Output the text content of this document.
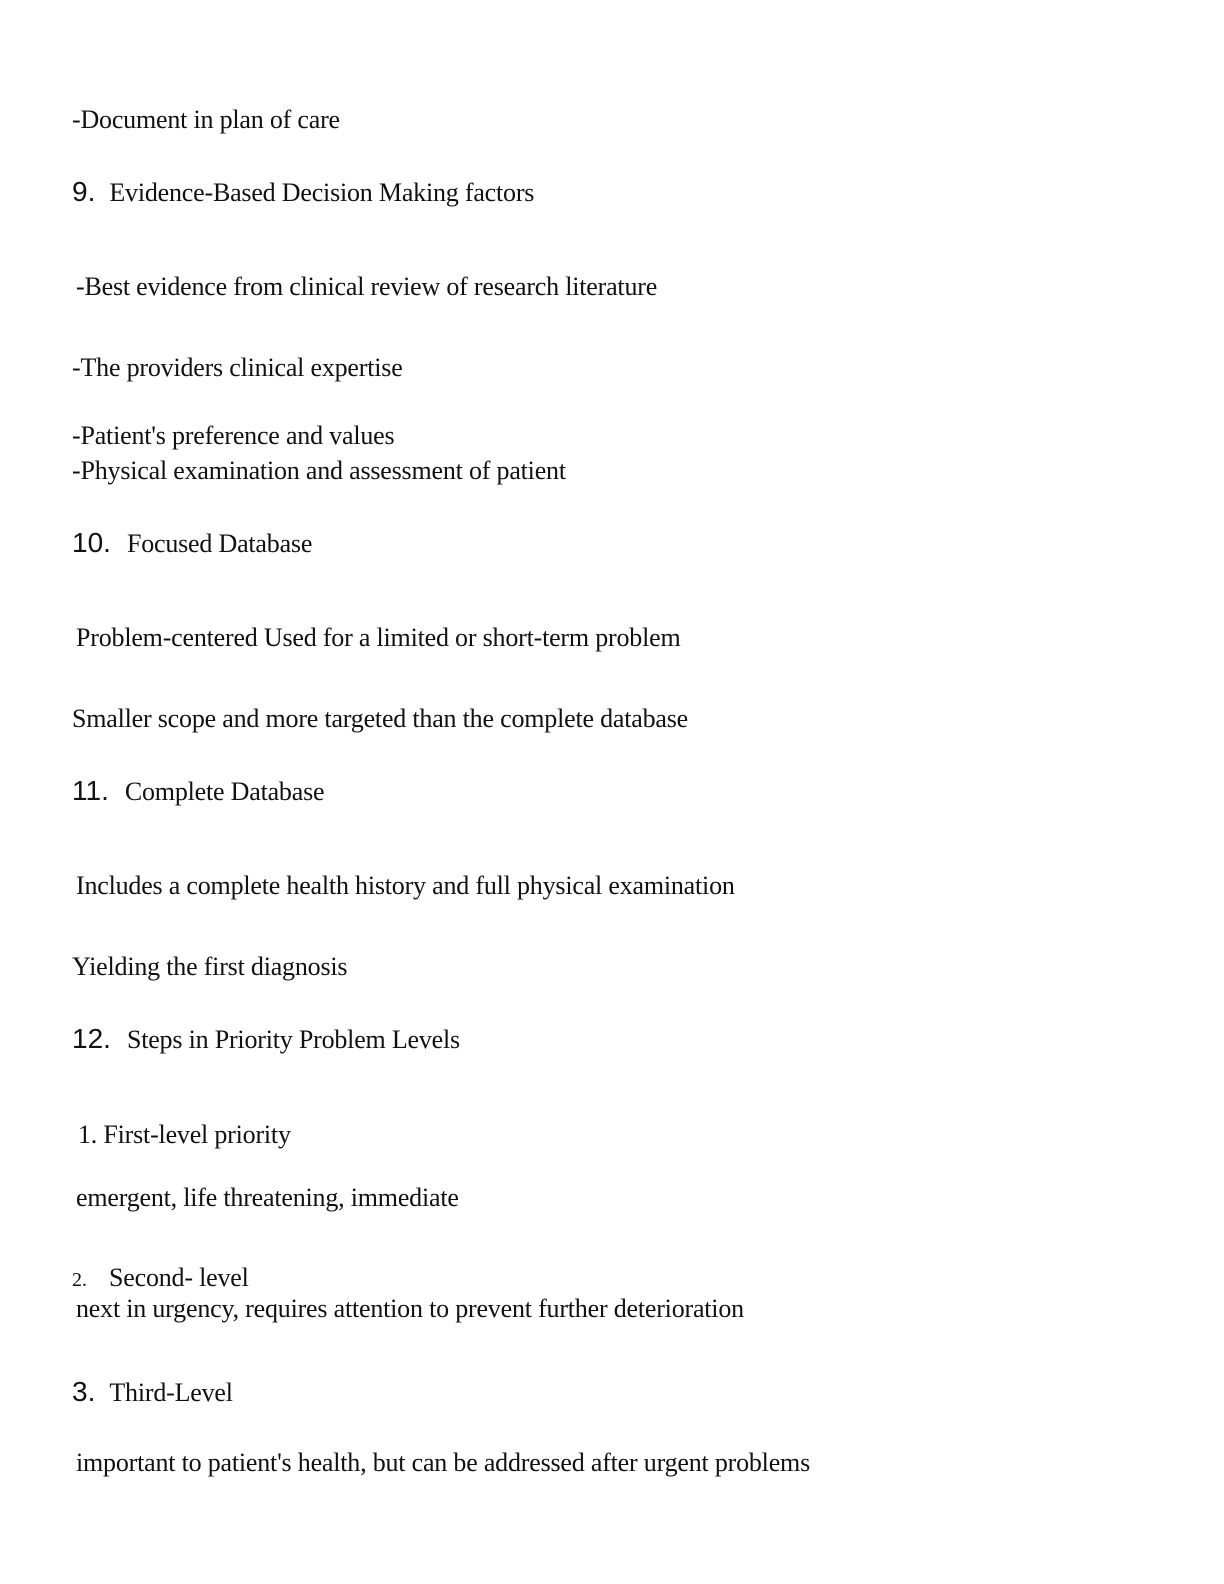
-Document in plan of care
9. Evidence-Based Decision Making factors
-Best evidence from clinical review of research literature
-The providers clinical expertise
-Patient's preference and values
-Physical examination and assessment of patient
10. Focused Database
Problem-centered Used for a limited or short-term problem
Smaller scope and more targeted than the complete database
11. Complete Database
Includes a complete health history and full physical examination
Yielding the first diagnosis
12. Steps in Priority Problem Levels
1. First-level priority
emergent, life threatening, immediate
2. Second- level
next in urgency, requires attention to prevent further deterioration
3. Third-Level
important to patient's health, but can be addressed after urgent problems
